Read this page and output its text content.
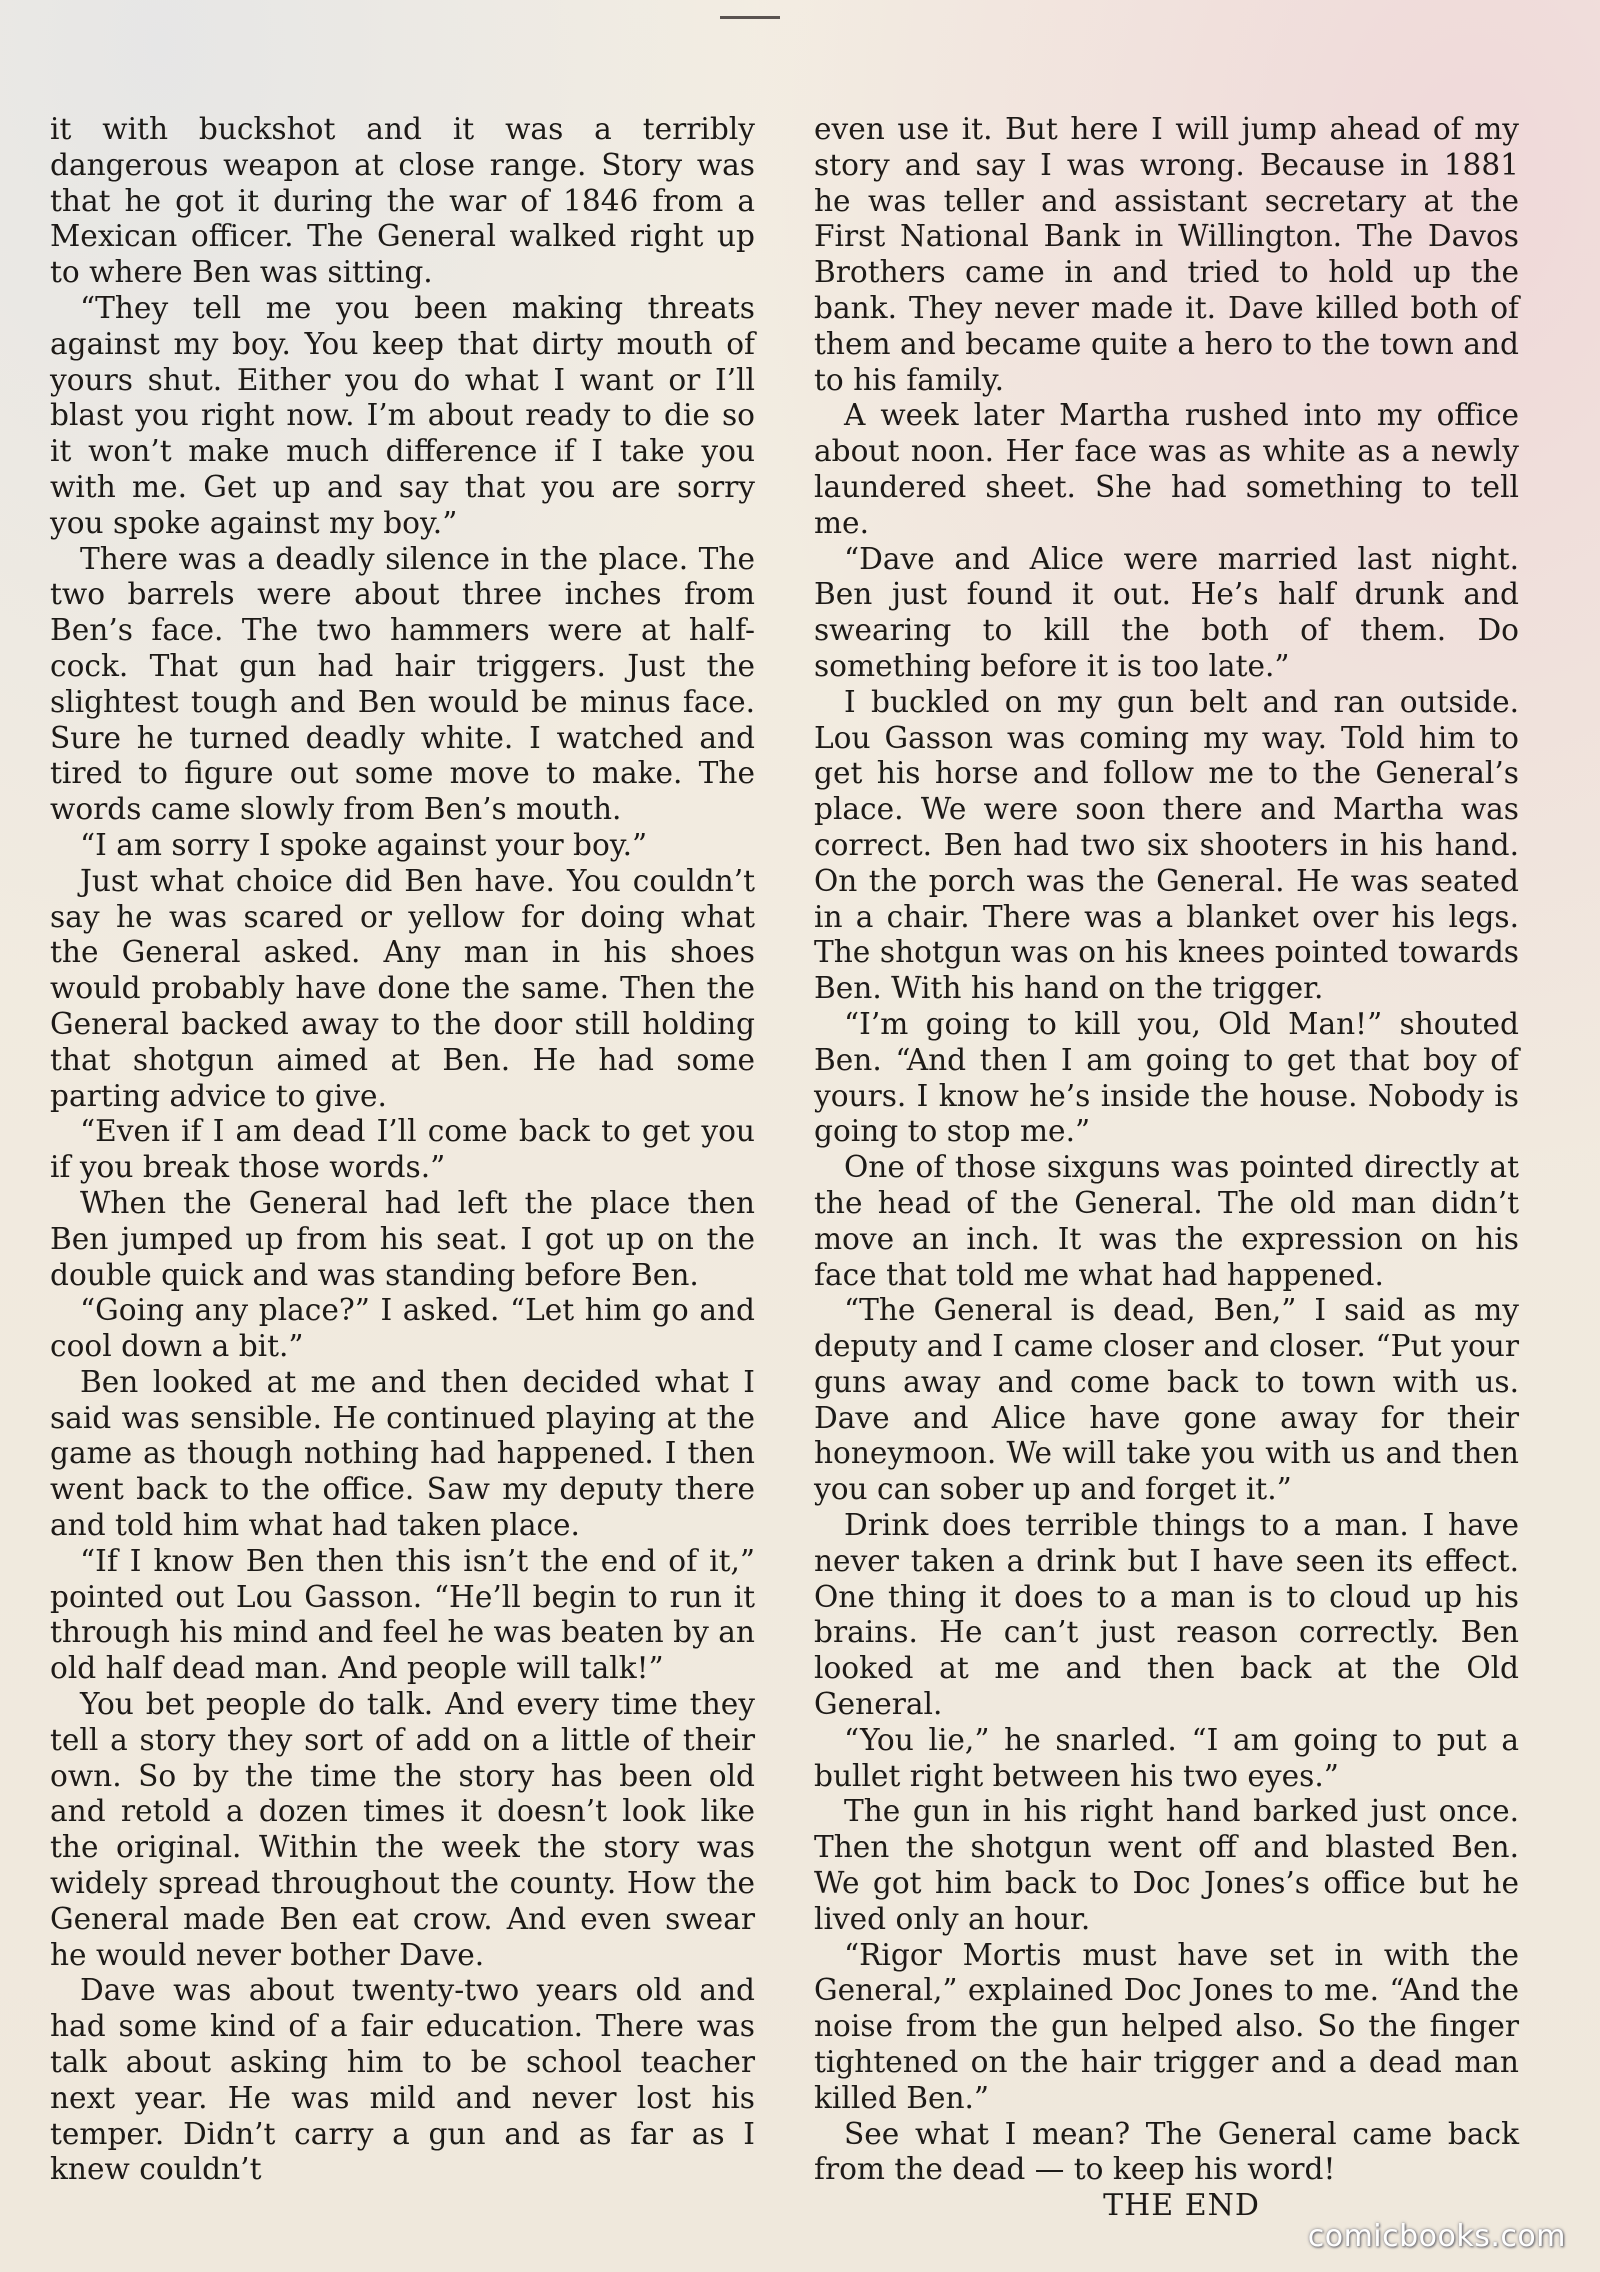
it with buckshot and it was a terribly dangerous weapon at close range. Story was that he got it during the war of 1846 from a Mexican officer. The General walked right up to where Ben was sitting.

“They tell me you been making threats against my boy. You keep that dirty mouth of yours shut. Either you do what I want or I’ll blast you right now. I’m about ready to die so it won’t make much difference if I take you with me. Get up and say that you are sorry you spoke against my boy.”

There was a deadly silence in the place. The two barrels were about three inches from Ben’s face. The two hammers were at half-cock. That gun had hair triggers. Just the slightest tough and Ben would be minus face. Sure he turned deadly white. I watched and tired to figure out some move to make. The words came slowly from Ben’s mouth.

“I am sorry I spoke against your boy.”

Just what choice did Ben have. You couldn’t say he was scared or yellow for doing what the General asked. Any man in his shoes would probably have done the same. Then the General backed away to the door still holding that shotgun aimed at Ben. He had some parting advice to give.

“Even if I am dead I’ll come back to get you if you break those words.”

When the General had left the place then Ben jumped up from his seat. I got up on the double quick and was standing before Ben.

“Going any place?” I asked. “Let him go and cool down a bit.”

Ben looked at me and then decided what I said was sensible. He continued playing at the game as though nothing had happened. I then went back to the office. Saw my deputy there and told him what had taken place.

“If I know Ben then this isn’t the end of it,” pointed out Lou Gasson. “He’ll begin to run it through his mind and feel he was beaten by an old half dead man. And people will talk!”

You bet people do talk. And every time they tell a story they sort of add on a little of their own. So by the time the story has been old and retold a dozen times it doesn’t look like the original. Within the week the story was widely spread throughout the county. How the General made Ben eat crow. And even swear he would never bother Dave.

Dave was about twenty-two years old and had some kind of a fair education. There was talk about asking him to be school teacher next year. He was mild and never lost his temper. Didn’t carry a gun and as far as I knew couldn’t

even use it. But here I will jump ahead of my story and say I was wrong. Because in 1881 he was teller and assistant secretary at the First National Bank in Willington. The Davos Brothers came in and tried to hold up the bank. They never made it. Dave killed both of them and became quite a hero to the town and to his family.

A week later Martha rushed into my office about noon. Her face was as white as a newly laundered sheet. She had something to tell me.

“Dave and Alice were married last night. Ben just found it out. He’s half drunk and swearing to kill the both of them. Do something before it is too late.”

I buckled on my gun belt and ran outside. Lou Gasson was coming my way. Told him to get his horse and follow me to the General’s place. We were soon there and Martha was correct. Ben had two six shooters in his hand. On the porch was the General. He was seated in a chair. There was a blanket over his legs. The shotgun was on his knees pointed towards Ben. With his hand on the trigger.

“I’m going to kill you, Old Man!” shouted Ben. “And then I am going to get that boy of yours. I know he’s inside the house. Nobody is going to stop me.”

One of those sixguns was pointed directly at the head of the General. The old man didn’t move an inch. It was the expression on his face that told me what had happened.

“The General is dead, Ben,” I said as my deputy and I came closer and closer. “Put your guns away and come back to town with us. Dave and Alice have gone away for their honeymoon. We will take you with us and then you can sober up and forget it.”

Drink does terrible things to a man. I have never taken a drink but I have seen its effect. One thing it does to a man is to cloud up his brains. He can’t just reason correctly. Ben looked at me and then back at the Old General.

“You lie,” he snarled. “I am going to put a bullet right between his two eyes.”

The gun in his right hand barked just once. Then the shotgun went off and blasted Ben. We got him back to Doc Jones’s office but he lived only an hour.

“Rigor Mortis must have set in with the General,” explained Doc Jones to me. “And the noise from the gun helped also. So the finger tightened on the hair trigger and a dead man killed Ben.”

See what I mean? The General came back from the dead — to keep his word!

THE END

comicbooks.com
